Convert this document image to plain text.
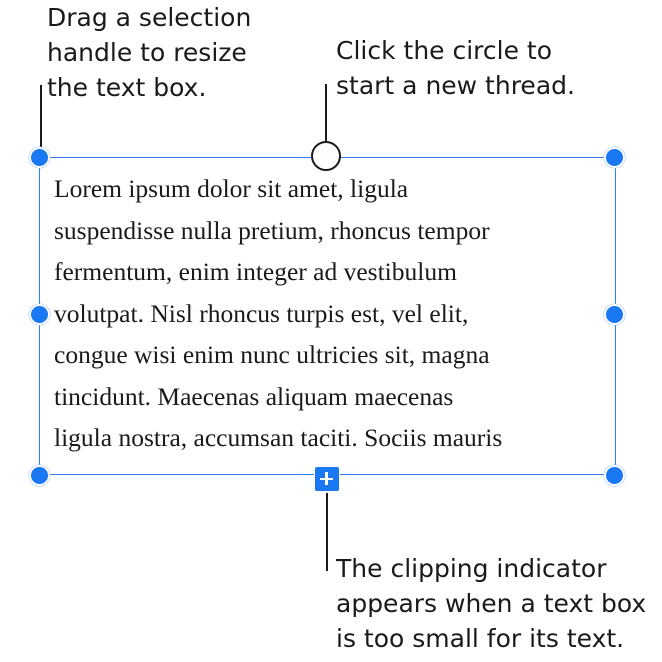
Drag a selection
handle to resize
the text box.
Click the circle to
start a new thread.
Lorem ipsum dolor sit amet, ligula
suspendisse nulla pretium, rhoncus tempor
fermentum, enim integer ad vestibulum
volutpat. Nisl rhoncus turpis est, vel elit,
congue wisi enim nunc ultricies sit, magna
tincidunt. Maecenas aliquam maecenas
ligula nostra, accumsan taciti. Sociis mauris
The clipping indicator
appears when a text box
is too small for its text.
